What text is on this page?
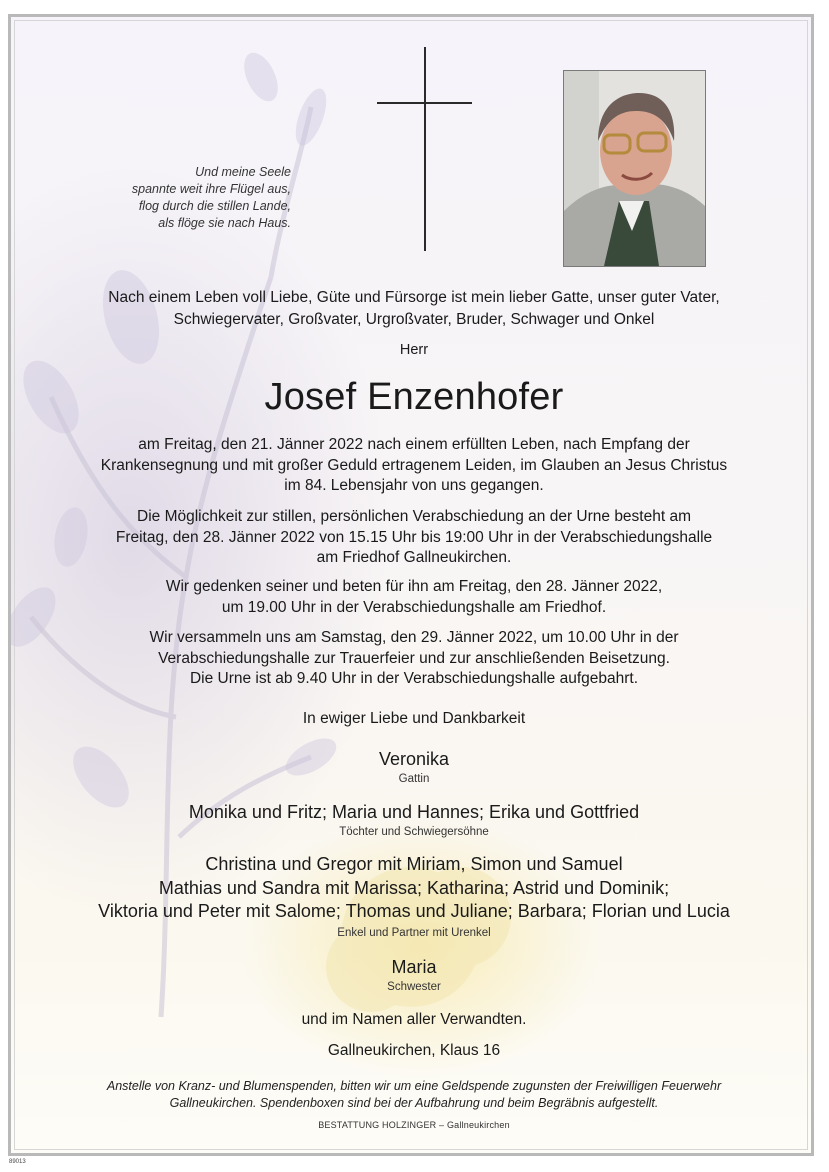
Und meine Seele
spannte weit ihre Flügel aus,
flog durch die stillen Lande,
als flöge sie nach Haus.
Nach einem Leben voll Liebe, Güte und Fürsorge ist mein lieber Gatte, unser guter Vater,
Schwiegervater, Großvater, Urgroßvater, Bruder, Schwager und Onkel
Herr
Josef Enzenhofer
am Freitag, den 21. Jänner 2022 nach einem erfüllten Leben, nach Empfang der
Krankensegnung und mit großer Geduld ertragenem Leiden, im Glauben an Jesus Christus
im 84. Lebensjahr von uns gegangen.
Die Möglichkeit zur stillen, persönlichen Verabschiedung an der Urne besteht am
Freitag, den 28. Jänner 2022 von 15.15 Uhr bis 19:00 Uhr in der Verabschiedungshalle
am Friedhof Gallneukirchen.
Wir gedenken seiner und beten für ihn am Freitag, den 28. Jänner 2022,
um 19.00 Uhr in der Verabschiedungshalle am Friedhof.
Wir versammeln uns am Samstag, den 29. Jänner 2022, um 10.00 Uhr in der
Verabschiedungshalle zur Trauerfeier und zur anschließenden Beisetzung.
Die Urne ist ab 9.40 Uhr in der Verabschiedungshalle aufgebahrt.
In ewiger Liebe und Dankbarkeit
Veronika
Gattin
Monika und Fritz; Maria und Hannes; Erika und Gottfried
Töchter und Schwiegersöhne
Christina und Gregor mit Miriam, Simon und Samuel
Mathias und Sandra mit Marissa; Katharina; Astrid und Dominik;
Viktoria und Peter mit Salome; Thomas und Juliane; Barbara; Florian und Lucia
Enkel und Partner mit Urenkel
Maria
Schwester
und im Namen aller Verwandten.
Gallneukirchen, Klaus 16
Anstelle von Kranz- und Blumenspenden, bitten wir um eine Geldspende zugunsten der Freiwilligen Feuerwehr
Gallneukirchen. Spendenboxen sind bei der Aufbahrung und beim Begräbnis aufgestellt.
BESTATTUNG HOLZINGER – Gallneukirchen
89013
